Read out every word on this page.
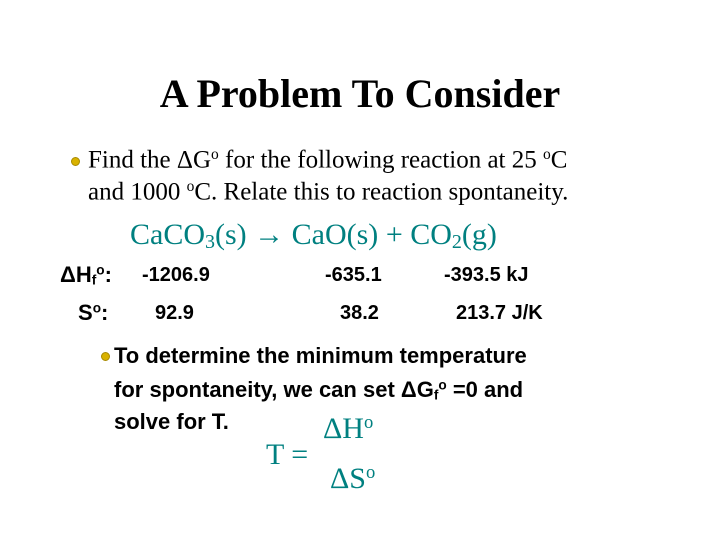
A Problem To Consider
Find the $\Delta G^o$ for the following reaction at 25 $^o$C
and 1000 $^o$C. Relate this to reaction spontaneity.
CaCO$_3$(s) → $CaO(s) + CO_2(g)$
$\Delta H_f^o$: -1206.9	-635.1	-393.5 kJ
$S^o$: 92.9	38.2	213.7 J/K
To determine the minimum temperature
for spontaneity, we can set $\Delta G_f^o =0$ and
solve for T.
T =
$\Delta H^o$
$\Delta S^o$
